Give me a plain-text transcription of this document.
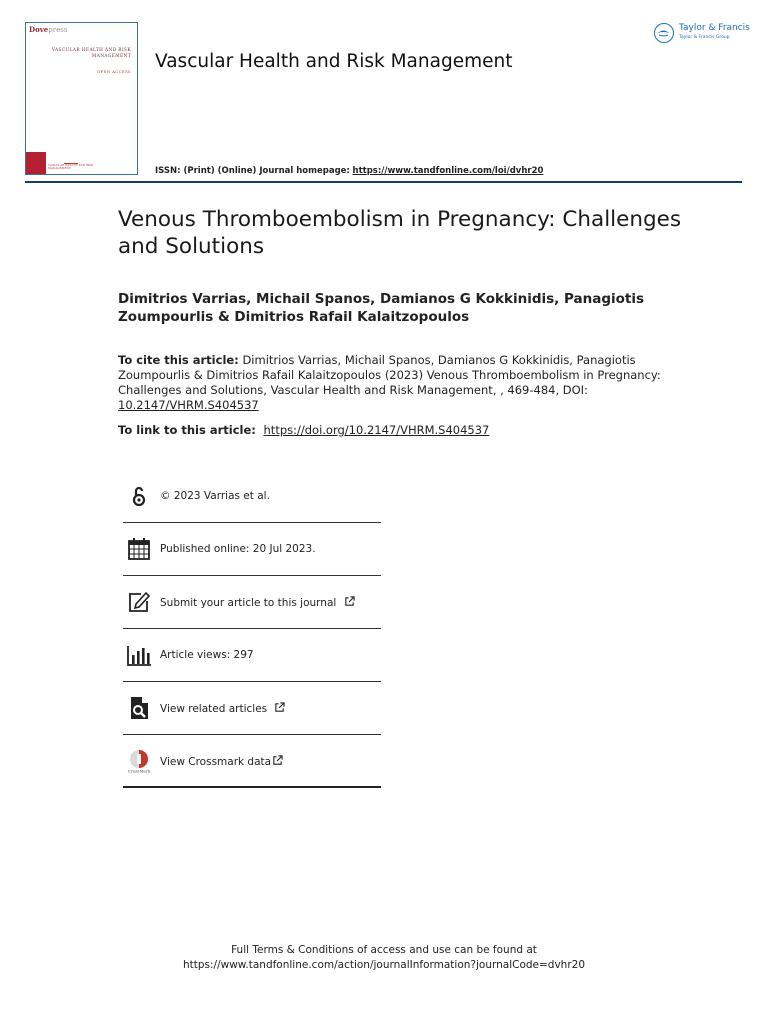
Dovepress
VASCULAR HEALTH AND RISK
MANAGEMENT
OPEN ACCESS
VASCULAR HEALTH AND RISK MANAGEMENT
Vascular Health and Risk Management
ISSN: (Print) (Online) Journal homepage: https://www.tandfonline.com/loi/dvhr20
Taylor & Francis
Taylor & Francis Group
Venous Thromboembolism in Pregnancy: Challenges and Solutions
Dimitrios Varrias, Michail Spanos, Damianos G Kokkinidis, Panagiotis Zoumpourlis & Dimitrios Rafail Kalaitzopoulos
To cite this article: Dimitrios Varrias, Michail Spanos, Damianos G Kokkinidis, Panagiotis Zoumpourlis & Dimitrios Rafail Kalaitzopoulos (2023) Venous Thromboembolism in Pregnancy: Challenges and Solutions, Vascular Health and Risk Management, , 469-484, DOI: 10.2147/VHRM.S404537
To link to this article: https://doi.org/10.2147/VHRM.S404537
© 2023 Varrias et al.
Published online: 20 Jul 2023.
Submit your article to this journal
Article views: 297
View related articles
CrossMark
View Crossmark data
Full Terms & Conditions of access and use can be found at
https://www.tandfonline.com/action/journalInformation?journalCode=dvhr20
